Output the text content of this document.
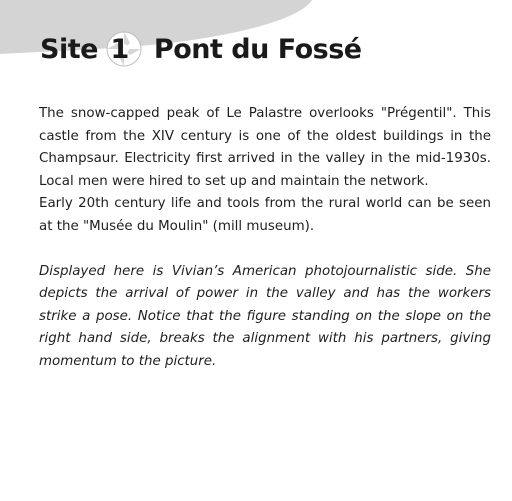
Site 1 Pont du Fossé

The snow-capped peak of Le Palastre overlooks "Prégentil". This castle from the XIV century is one of the oldest buildings in the Champsaur. Electricity first arrived in the valley in the mid-1930s. Local men were hired to set up and maintain the network.

Early 20th century life and tools from the rural world can be seen at the "Musée du Moulin" (mill museum).

Displayed here is Vivian’s American photojournalistic side. She depicts the arrival of power in the valley and has the workers strike a pose. Notice that the figure standing on the slope on the right hand side, breaks the alignment with his partners, giving momentum to the picture.
